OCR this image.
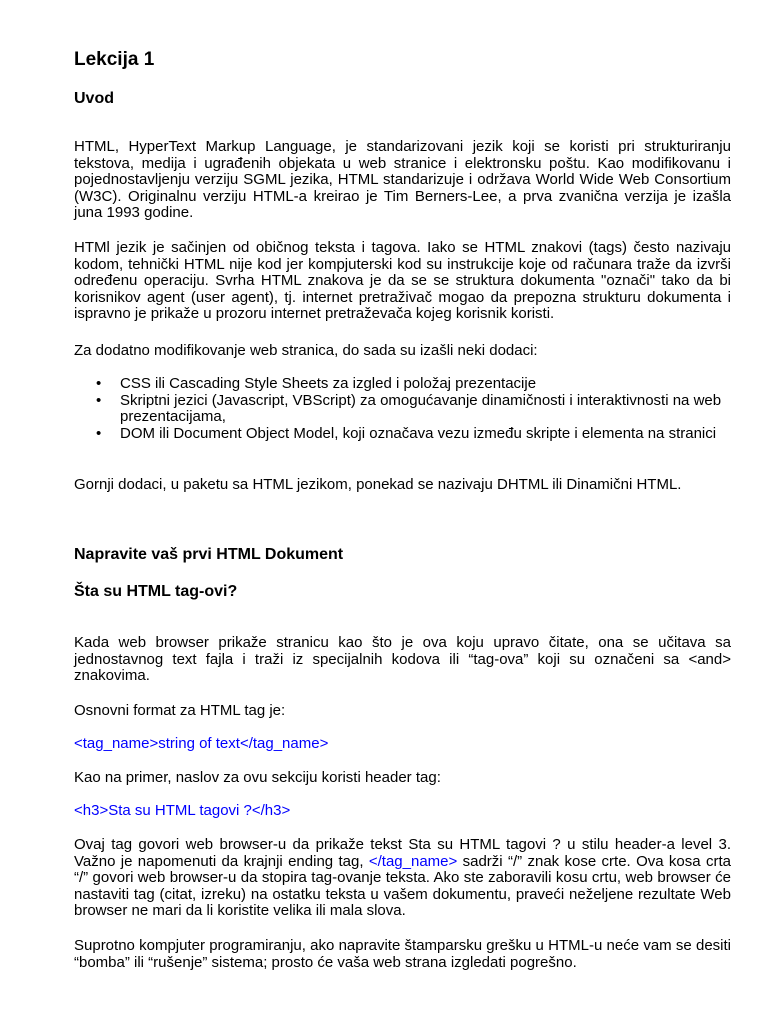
Lekcija 1
Uvod

HTML, HyperText Markup Language, je standarizovani jezik koji se koristi pri strukturiranju tekstova, medija i ugrađenih objekata u web stranice i elektronsku poštu. Kao modifikovanu i pojednostavljenju verziju SGML jezika, HTML standarizuje i održava World Wide Web Consortium (W3C). Originalnu verziju HTML-a kreirao je Tim Berners-Lee, a prva zvanična verzija je izašla juna 1993 godine.

HTMl jezik je sačinjen od običnog teksta i tagova. Iako se HTML znakovi (tags) često nazivaju kodom, tehnički HTML nije kod jer kompjuterski kod su instrukcije koje od računara traže da izvrši određenu operaciju. Svrha HTML znakova je da se se struktura dokumenta "označi" tako da bi korisnikov agent (user agent), tj. internet pretraživač mogao da prepozna strukturu dokumenta i ispravno je prikaže u prozoru internet pretraževača kojeg korisnik koristi.

Za dodatno modifikovanje web stranica, do sada su izašli neki dodaci:

• CSS ili Cascading Style Sheets za izgled i položaj prezentacije
• Skriptni jezici (Javascript, VBScript) za omogućavanje dinamičnosti i interaktivnosti na web prezentacijama,
• DOM ili Document Object Model, koji označava vezu između skripte i elementa na stranici

Gornji dodaci, u paketu sa HTML jezikom, ponekad se nazivaju DHTML ili Dinamični HTML.

Napravite vaš prvi HTML Dokument
Šta su HTML tag-ovi?

Kada web browser prikaže stranicu kao što je ova koju upravo čitate, ona se učitava sa jednostavnog text fajla i traži iz specijalnih kodova ili “tag-ova” koji su označeni sa <and> znakovima.

Osnovni format za HTML tag je:

<tag_name>string of text</tag_name>

Kao na primer, naslov za ovu sekciju koristi header tag:

<h3>Sta su HTML tagovi ?</h3>

Ovaj tag govori web browser-u da prikaže tekst Sta su HTML tagovi ? u stilu header-a level 3. Važno je napomenuti da krajnji ending tag, </tag_name> sadrži “/” znak kose crte. Ova kosa crta “/” govori web browser-u da stopira tag-ovanje teksta. Ako ste zaboravili kosu crtu, web browser će nastaviti tag (citat, izreku) na ostatku teksta u vašem dokumentu, praveći neželjene rezultate Web browser ne mari da li koristite velika ili mala slova.

Suprotno kompjuter programiranju, ako napravite štamparsku grešku u HTML-u neće vam se desiti “bomba” ili “rušenje” sistema; prosto će vaša web strana izgledati pogrešno.
